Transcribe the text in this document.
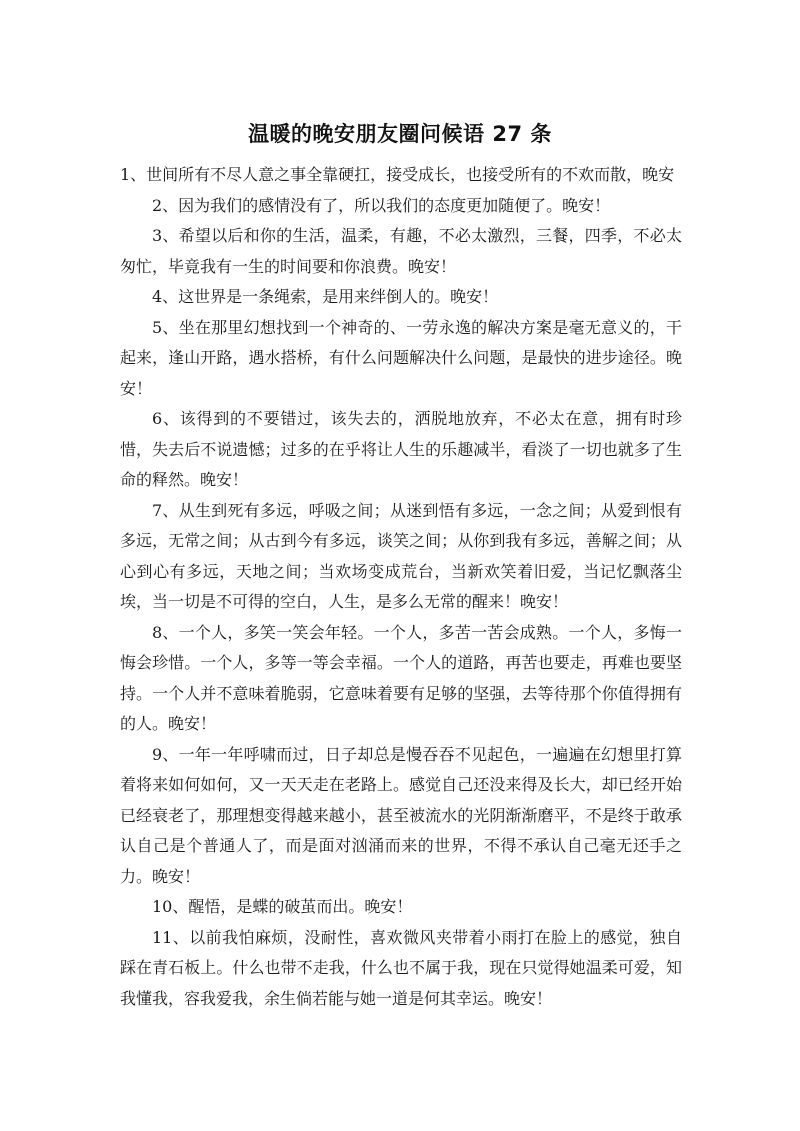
温暖的晚安朋友圈问候语 27 条

1、世间所有不尽人意之事全靠硬扛，接受成长，也接受所有的不欢而散，晚安

2、因为我们的感情没有了，所以我们的态度更加随便了。晚安！

3、希望以后和你的生活，温柔，有趣，不必太激烈，三餐，四季，不必太匆忙，毕竟我有一生的时间要和你浪费。晚安！

4、这世界是一条绳索，是用来绊倒人的。晚安！

5、坐在那里幻想找到一个神奇的、一劳永逸的解决方案是毫无意义的，干起来，逢山开路，遇水搭桥，有什么问题解决什么问题，是最快的进步途径。晚安！

6、该得到的不要错过，该失去的，洒脱地放弃，不必太在意，拥有时珍惜，失去后不说遗憾；过多的在乎将让人生的乐趣减半，看淡了一切也就多了生命的释然。晚安！

7、从生到死有多远，呼吸之间；从迷到悟有多远，一念之间；从爱到恨有多远，无常之间；从古到今有多远，谈笑之间；从你到我有多远，善解之间；从心到心有多远，天地之间；当欢场变成荒台，当新欢笑着旧爱，当记忆飘落尘埃，当一切是不可得的空白，人生，是多么无常的醒来！晚安！

8、一个人，多笑一笑会年轻。一个人，多苦一苦会成熟。一个人，多悔一悔会珍惜。一个人，多等一等会幸福。一个人的道路，再苦也要走，再难也要坚持。一个人并不意味着脆弱，它意味着要有足够的坚强，去等待那个你值得拥有的人。晚安！

9、一年一年呼啸而过，日子却总是慢吞吞不见起色，一遍遍在幻想里打算着将来如何如何，又一天天走在老路上。感觉自己还没来得及长大，却已经开始已经衰老了，那理想变得越来越小，甚至被流水的光阴渐渐磨平，不是终于敢承认自己是个普通人了，而是面对汹涌而来的世界，不得不承认自己毫无还手之力。晚安！

10、醒悟，是蝶的破茧而出。晚安！

11、以前我怕麻烦，没耐性，喜欢微风夹带着小雨打在脸上的感觉，独自踩在青石板上。什么也带不走我，什么也不属于我，现在只觉得她温柔可爱，知我懂我，容我爱我，余生倘若能与她一道是何其幸运。晚安！
